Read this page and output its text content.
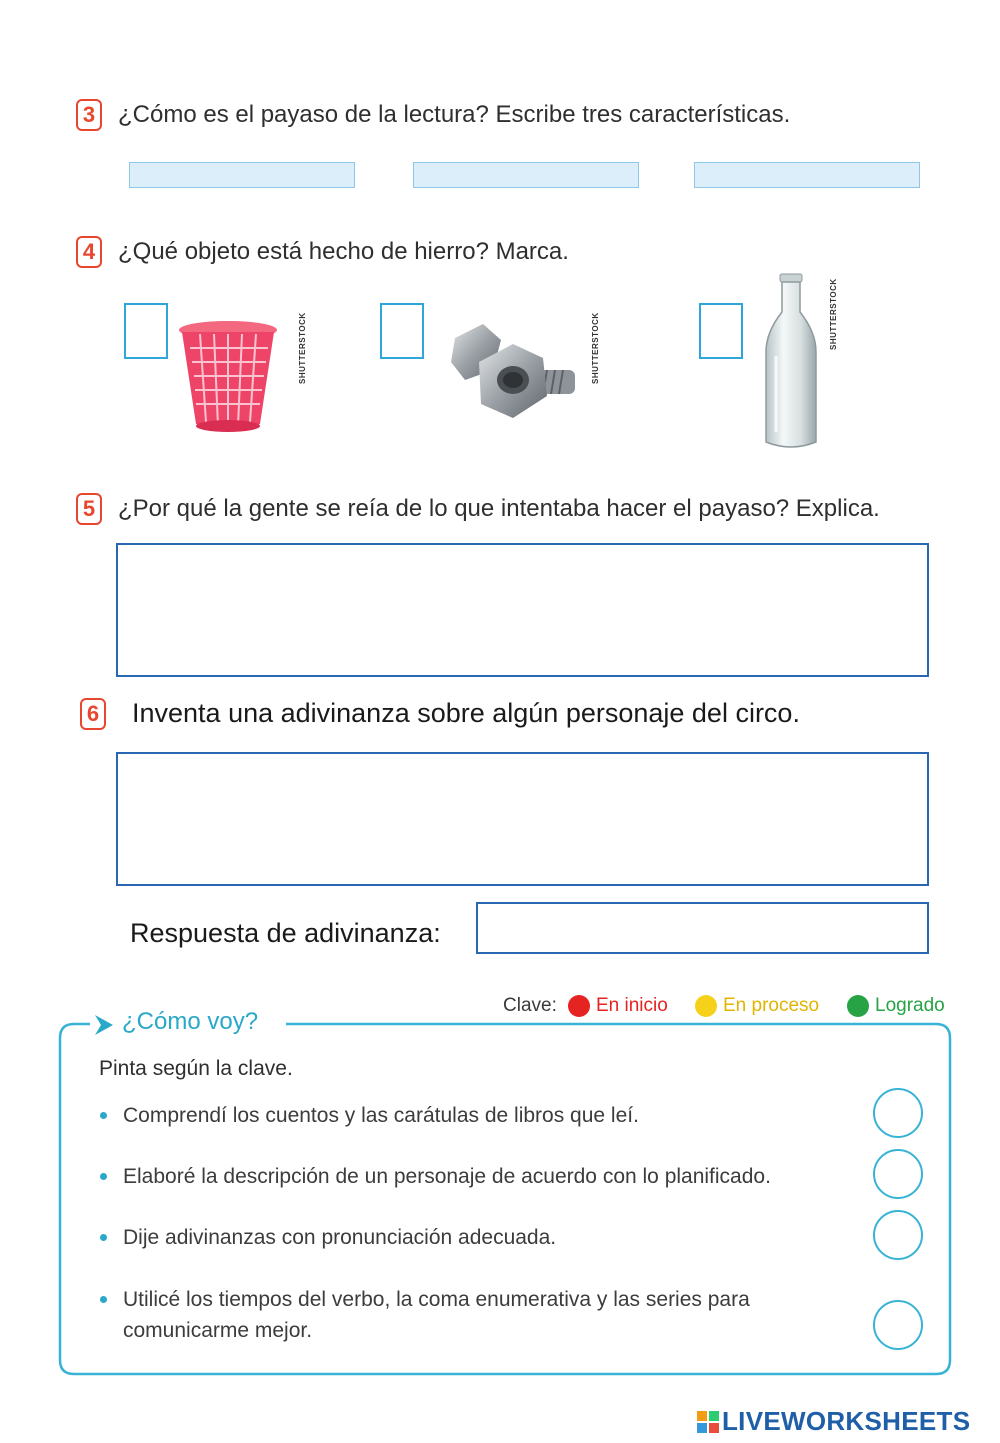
3 ¿Cómo es el payaso de la lectura? Escribe tres características.
4 ¿Qué objeto está hecho de hierro? Marca.
SHUTTERSTOCK	SHUTTERSTOCK	SHUTTERSTOCK
5 ¿Por qué la gente se reía de lo que intentaba hacer el payaso? Explica.
6 Inventa una adivinanza sobre algún personaje del circo.
Respuesta de adivinanza:
Clave: En inicio	En proceso	Logrado
¿Cómo voy?
Pinta según la clave.
Comprendí los cuentos y las carátulas de libros que leí.
Elaboré la descripción de un personaje de acuerdo con lo planificado.
Dije adivinanzas con pronunciación adecuada.
Utilicé los tiempos del verbo, la coma enumerativa y las series para comunicarme mejor.
LIVEWORKSHEETS
